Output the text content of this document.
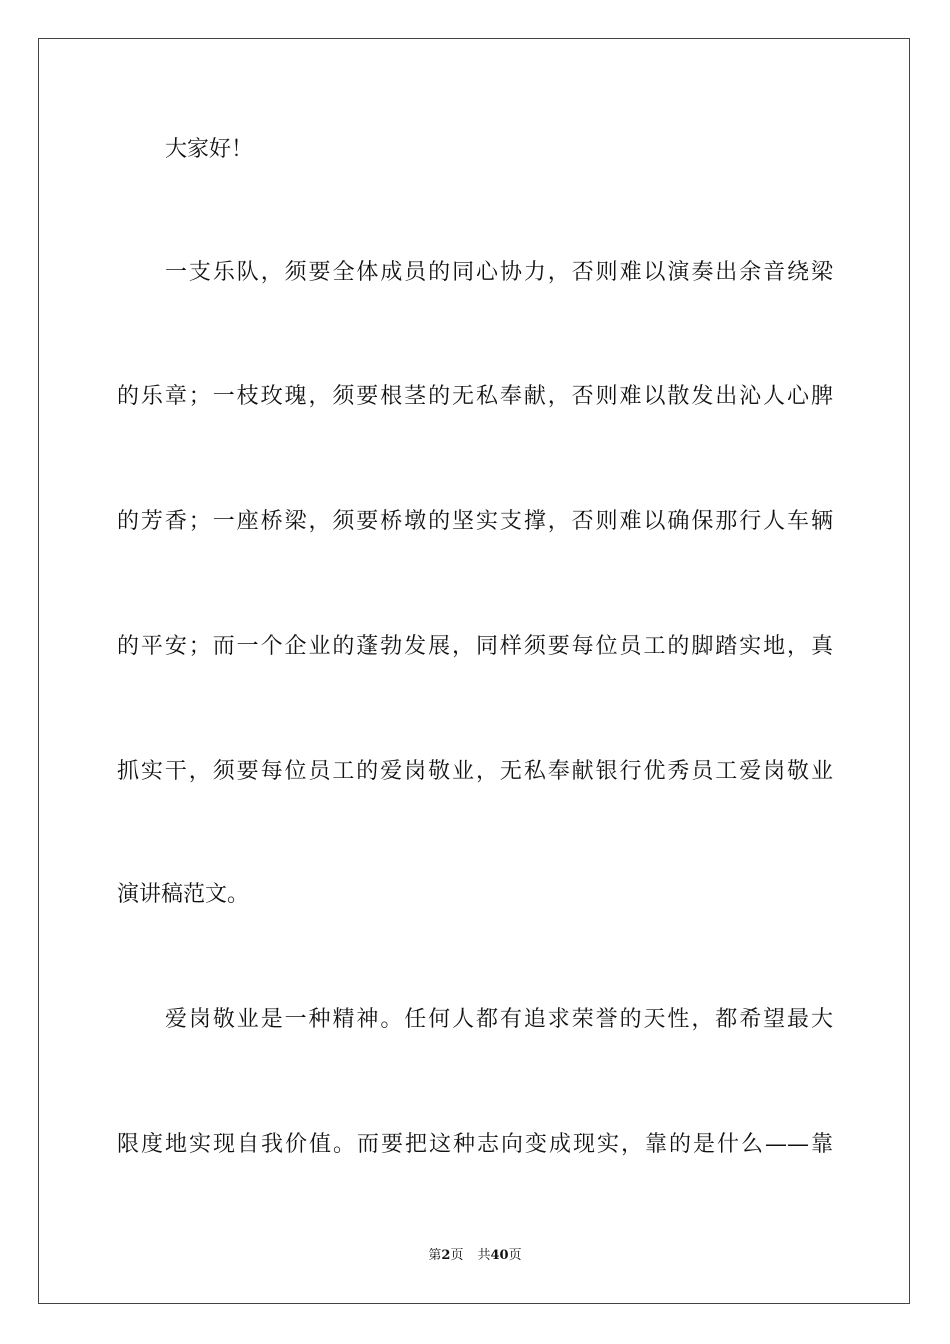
大家好！
一支乐队，须要全体成员的同心协力，否则难以演奏出余音绕梁
的乐章；一枝玫瑰，须要根茎的无私奉献，否则难以散发出沁人心脾
的芳香；一座桥梁，须要桥墩的坚实支撑，否则难以确保那行人车辆
的平安；而一个企业的蓬勃发展，同样须要每位员工的脚踏实地，真
抓实干，须要每位员工的爱岗敬业，无私奉献银行优秀员工爱岗敬业
演讲稿范文。
爱岗敬业是一种精神。任何人都有追求荣誉的天性，都希望最大
限度地实现自我价值。而要把这种志向变成现实，靠的是什么——靠
第2页 共40页
